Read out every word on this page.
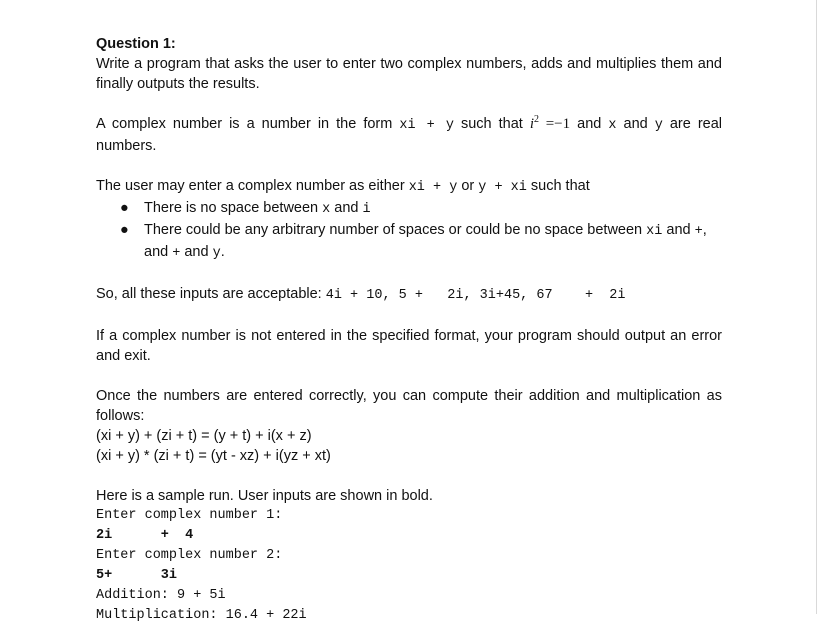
Question 1:

Write a program that asks the user to enter two complex numbers, adds and multiplies them and finally outputs the results.

A complex number is a number in the form xi + y such that $i^2 =-1$ and x and y are real numbers.

The user may enter a complex number as either xi + y or y + xi such that

● There is no space between x and i
● There could be any arbitrary number of spaces or could be no space between xi and +, and + and y.

So, all these inputs are acceptable: 4i + 10, 5 +   2i, 3i+45, 67    +  2i

If a complex number is not entered in the specified format, your program should output an error and exit.

Once the numbers are entered correctly, you can compute their addition and multiplication as follows:

(xi + y) + (zi + t) = (y + t) + i(x + z)

(xi + y) * (zi + t) = (yt - xz) + i(yz + xt)

Here is a sample run. User inputs are shown in bold.

Enter complex number 1:
2i      +  4
Enter complex number 2:
5+      3i
Addition: 9 + 5i
Multiplication: 16.4 + 22i
